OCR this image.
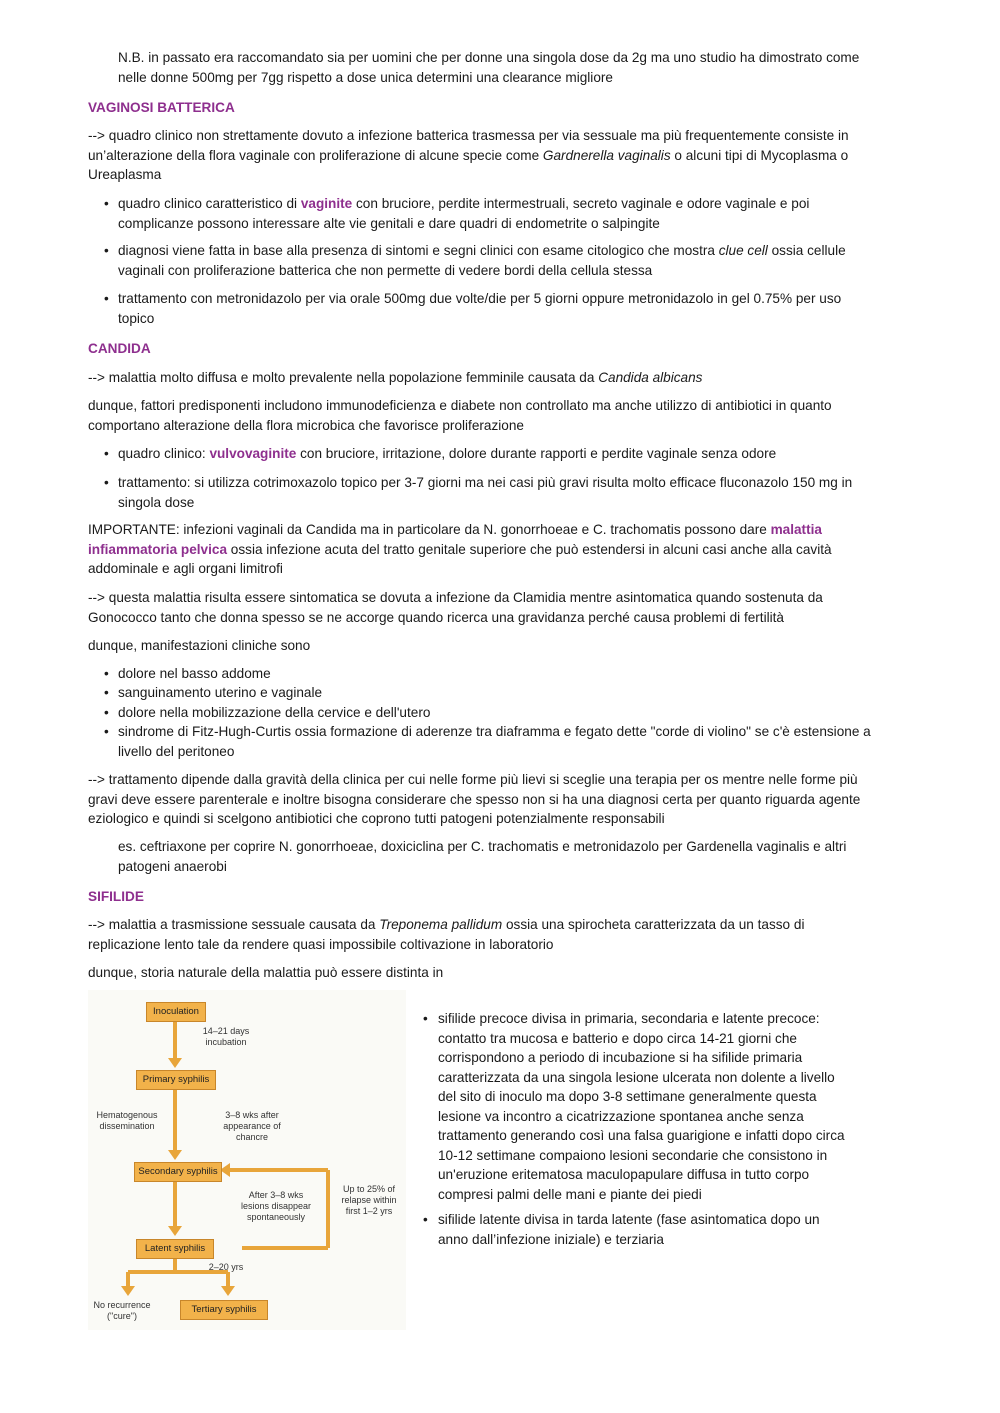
N.B. in passato era raccomandato sia per uomini che per donne una singola dose da 2g ma uno studio ha dimostrato come nelle donne 500mg per 7gg rispetto a dose unica determini una clearance migliore
VAGINOSI BATTERICA
--> quadro clinico non strettamente dovuto a infezione batterica trasmessa per via sessuale ma più frequentemente consiste in un’alterazione della flora vaginale con proliferazione di alcune specie come Gardnerella vaginalis o alcuni tipi di Mycoplasma o Ureaplasma
quadro clinico caratteristico di vaginite con bruciore, perdite intermestruali, secreto vaginale e odore vaginale e poi complicanze possono interessare alte vie genitali e dare quadri di endometrite o salpingite
diagnosi viene fatta in base alla presenza di sintomi e segni clinici con esame citologico che mostra clue cell ossia cellule vaginali con proliferazione batterica che non permette di vedere bordi della cellula stessa
trattamento con metronidazolo per via orale 500mg due volte/die per 5 giorni oppure metronidazolo in gel 0.75% per uso topico
CANDIDA
--> malattia molto diffusa e molto prevalente nella popolazione femminile causata da Candida albicans
dunque, fattori predisponenti includono immunodeficienza e diabete non controllato ma anche utilizzo di antibiotici in quanto comportano alterazione della flora microbica che favorisce proliferazione
quadro clinico: vulvovaginite con bruciore, irritazione, dolore durante rapporti e perdite vaginale senza odore
trattamento: si utilizza cotrimoxazolo topico per 3-7 giorni ma nei casi più gravi risulta molto efficace fluconazolo 150 mg in singola dose
IMPORTANTE: infezioni vaginali da Candida ma in particolare da N. gonorrhoeae e C. trachomatis possono dare malattia infiammatoria pelvica ossia infezione acuta del tratto genitale superiore che può estendersi in alcuni casi anche alla cavità addominale e agli organi limitrofi
--> questa malattia risulta essere sintomatica se dovuta a infezione da Clamidia mentre asintomatica quando sostenuta da Gonococco tanto che donna spesso se ne accorge quando ricerca una gravidanza perché causa problemi di fertilità
dunque, manifestazioni cliniche sono
dolore nel basso addome
sanguinamento uterino e vaginale
dolore nella mobilizzazione della cervice e dell'utero
sindrome di Fitz-Hugh-Curtis ossia formazione di aderenze tra diaframma e fegato dette "corde di violino" se c'è estensione a livello del peritoneo
--> trattamento dipende dalla gravità della clinica per cui nelle forme più lievi si sceglie una terapia per os mentre nelle forme più gravi deve essere parenterale e inoltre bisogna considerare che spesso non si ha una diagnosi certa per quanto riguarda agente eziologico e quindi si scelgono antibiotici che coprono tutti patogeni potenzialmente responsabili
es. ceftriaxone per coprire N. gonorrhoeae, doxiciclina per C. trachomatis e metronidazolo per Gardenella vaginalis e altri patogeni anaerobi
SIFILIDE
--> malattia a trasmissione sessuale causata da Treponema pallidum ossia una spirocheta caratterizzata da un tasso di replicazione lento tale da rendere quasi impossibile coltivazione in laboratorio
dunque, storia naturale della malattia può essere distinta in
Inoculation
14–21 days incubation
Primary syphilis
Hematogenous dissemination
3–8 wks after appearance of chancre
Secondary syphilis
After 3–8 wks lesions disappear spontaneously
Up to 25% of relapse within first 1–2 yrs
Latent syphilis
2–20 yrs
No recurrence ("cure")
Tertiary syphilis
• sifilide precoce divisa in primaria, secondaria e latente precoce: contatto tra mucosa e batterio e dopo circa 14-21 giorni che corrispondono a periodo di incubazione si ha sifilide primaria caratterizzata da una singola lesione ulcerata non dolente a livello del sito di inoculo ma dopo 3-8 settimane generalmente questa lesione va incontro a cicatrizzazione spontanea anche senza trattamento generando così una falsa guarigione e infatti dopo circa 10-12 settimane compaiono lesioni secondarie che consistono in un'eruzione eritematosa maculopapulare diffusa in tutto corpo compresi palmi delle mani e piante dei piedi
• sifilide latente divisa in tarda latente (fase asintomatica dopo un anno dall’infezione iniziale) e terziaria
